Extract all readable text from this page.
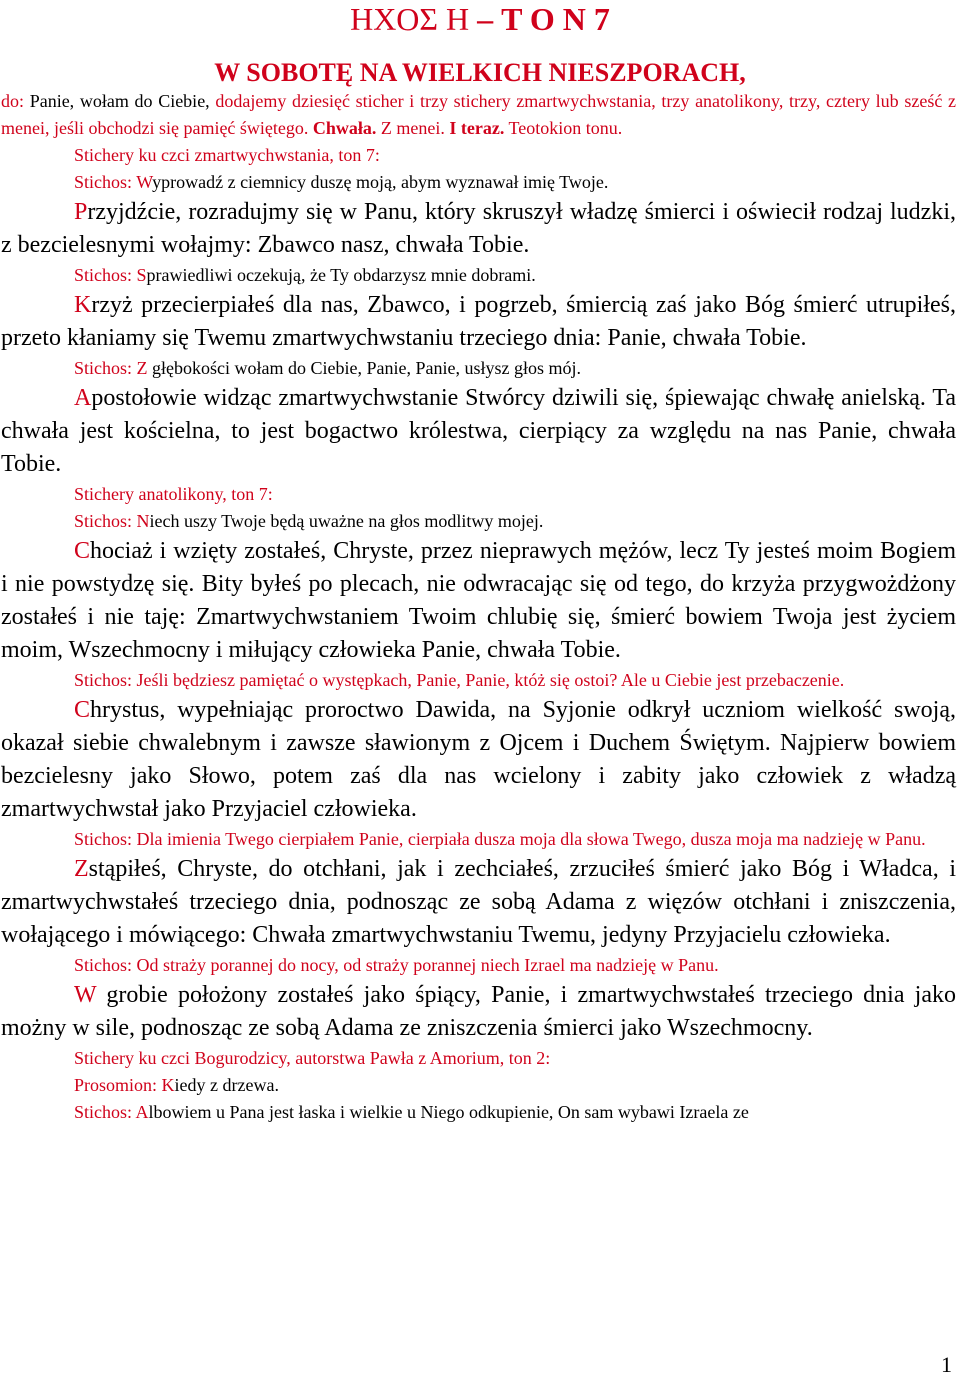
ΗΧΟΣ Η – T O N 7
W SOBOTĘ NA WIELKICH NIESZPORACH,
do: Panie, wołam do Ciebie, dodajemy dziesięć sticher i trzy stichery zmartwychwstania, trzy anatolikony, trzy, cztery lub sześć z menei, jeśli obchodzi się pamięć świętego. Chwała. Z menei. I teraz. Teotokion tonu.
Stichery ku czci zmartwychwstania, ton 7:
Stichos: Wyprowadź z ciemnicy duszę moją, abym wyznawał imię Twoje.
Przyjdźcie, rozradujmy się w Panu, który skruszył władzę śmierci i oświecił rodzaj ludzki, z bezcielesnymi wołajmy: Zbawco nasz, chwała Tobie.
Stichos: Sprawiedliwi oczekują, że Ty obdarzysz mnie dobrami.
Krzyż przecierpiałeś dla nas, Zbawco, i pogrzeb, śmiercią zaś jako Bóg śmierć utrupiłeś, przeto kłaniamy się Twemu zmartwychwstaniu trzeciego dnia: Panie, chwała Tobie.
Stichos: Z głębokości wołam do Ciebie, Panie, Panie, usłysz głos mój.
Apostołowie widząc zmartwychwstanie Stwórcy dziwili się, śpiewając chwałę anielską. Ta chwała jest kościelna, to jest bogactwo królestwa, cierpiący za względu na nas Panie, chwała Tobie.
Stichery anatolikony, ton 7:
Stichos: Niech uszy Twoje będą uważne na głos modlitwy mojej.
Chociaż i wzięty zostałeś, Chryste, przez nieprawych mężów, lecz Ty jesteś moim Bogiem i nie powstydzę się. Bity byłeś po plecach, nie odwracając się od tego, do krzyża przygwożdżony zostałeś i nie taję: Zmartwychwstaniem Twoim chlubię się, śmierć bowiem Twoja jest życiem moim, Wszechmocny i miłujący człowieka Panie, chwała Tobie.
Stichos: Jeśli będziesz pamiętać o występkach, Panie, Panie, któż się ostoi? Ale u Ciebie jest przebaczenie.
Chrystus, wypełniając proroctwo Dawida, na Syjonie odkrył uczniom wielkość swoją, okazał siebie chwalebnym i zawsze sławionym z Ojcem i Duchem Świętym. Najpierw bowiem bezcielesny jako Słowo, potem zaś dla nas wcielony i zabity jako człowiek z władzą zmartwychwstał jako Przyjaciel człowieka.
Stichos: Dla imienia Twego cierpiałem Panie, cierpiała dusza moja dla słowa Twego, dusza moja ma nadzieję w Panu.
Zstąpiłeś, Chryste, do otchłani, jak i zechciałeś, zrzuciłeś śmierć jako Bóg i Władca, i zmartwychwstałeś trzeciego dnia, podnosząc ze sobą Adama z więzów otchłani i zniszczenia, wołającego i mówiącego: Chwała zmartwychwstaniu Twemu, jedyny Przyjacielu człowieka.
Stichos: Od straży porannej do nocy, od straży porannej niech Izrael ma nadzieję w Panu.
W grobie położony zostałeś jako śpiący, Panie, i zmartwychwstałeś trzeciego dnia jako możny w sile, podnosząc ze sobą Adama ze zniszczenia śmierci jako Wszechmocny.
Stichery ku czci Bogurodzicy, autorstwa Pawła z Amorium, ton 2:
Prosomion: Kiedy z drzewa.
Stichos: Albowiem u Pana jest łaska i wielkie u Niego odkupienie, On sam wybawi Izraela ze
1
